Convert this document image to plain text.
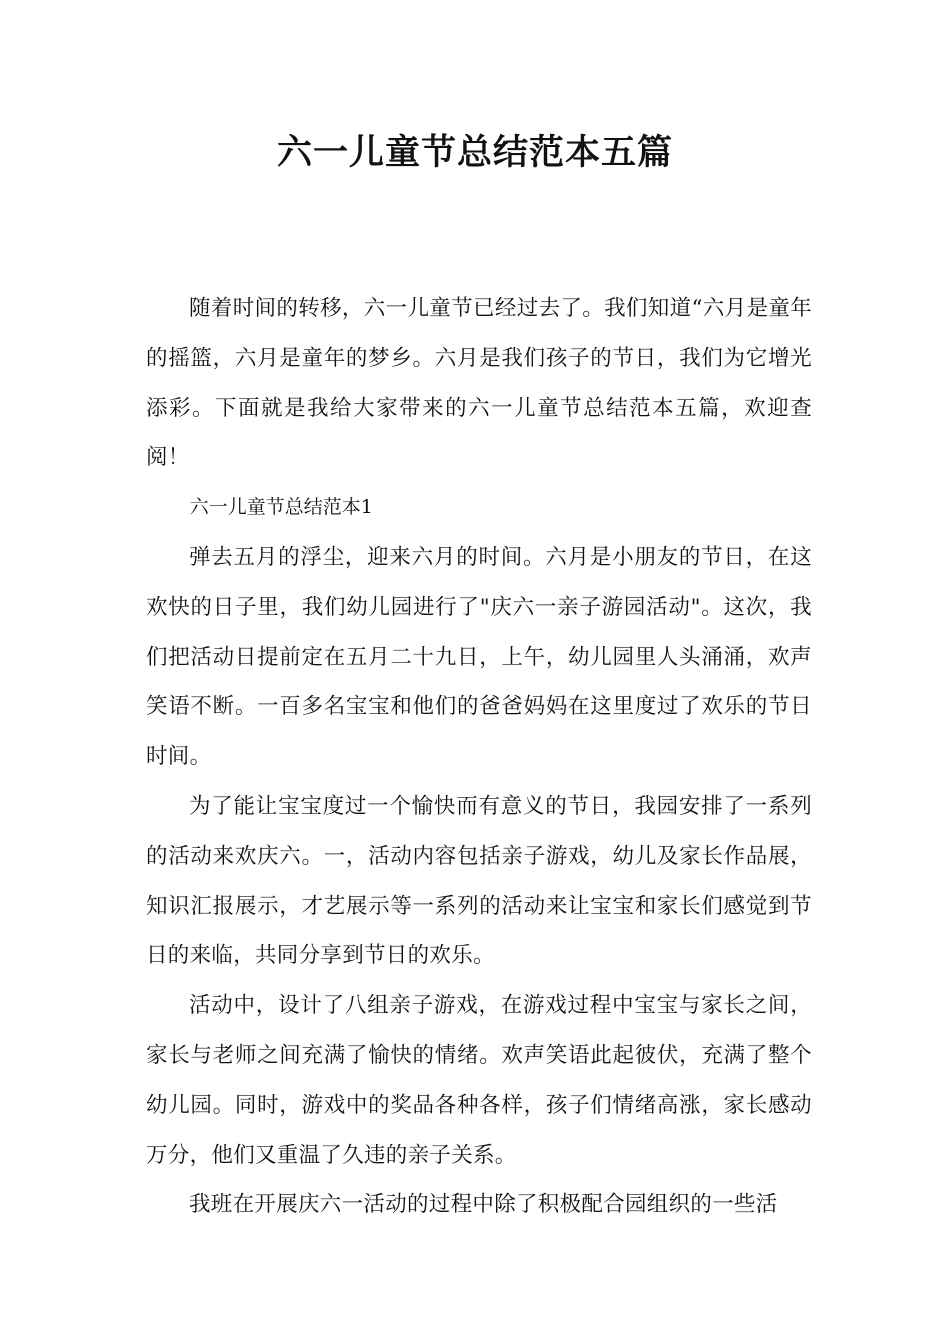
六一儿童节总结范本五篇

随着时间的转移，六一儿童节已经过去了。我们知道“六月是童年的摇篮，六月是童年的梦乡。六月是我们孩子的节日，我们为它增光添彩。下面就是我给大家带来的六一儿童节总结范本五篇，欢迎查阅！

六一儿童节总结范本1

弹去五月的浮尘，迎来六月的时间。六月是小朋友的节日，在这欢快的日子里，我们幼儿园进行了"庆六一亲子游园活动"。这次，我们把活动日提前定在五月二十九日，上午，幼儿园里人头涌涌，欢声笑语不断。一百多名宝宝和他们的爸爸妈妈在这里度过了欢乐的节日时间。

为了能让宝宝度过一个愉快而有意义的节日，我园安排了一系列的活动来欢庆六。一，活动内容包括亲子游戏，幼儿及家长作品展，知识汇报展示，才艺展示等一系列的活动来让宝宝和家长们感觉到节日的来临，共同分享到节日的欢乐。

活动中，设计了八组亲子游戏，在游戏过程中宝宝与家长之间，家长与老师之间充满了愉快的情绪。欢声笑语此起彼伏，充满了整个幼儿园。同时，游戏中的奖品各种各样，孩子们情绪高涨，家长感动万分，他们又重温了久违的亲子关系。

我班在开展庆六一活动的过程中除了积极配合园组织的一些活
